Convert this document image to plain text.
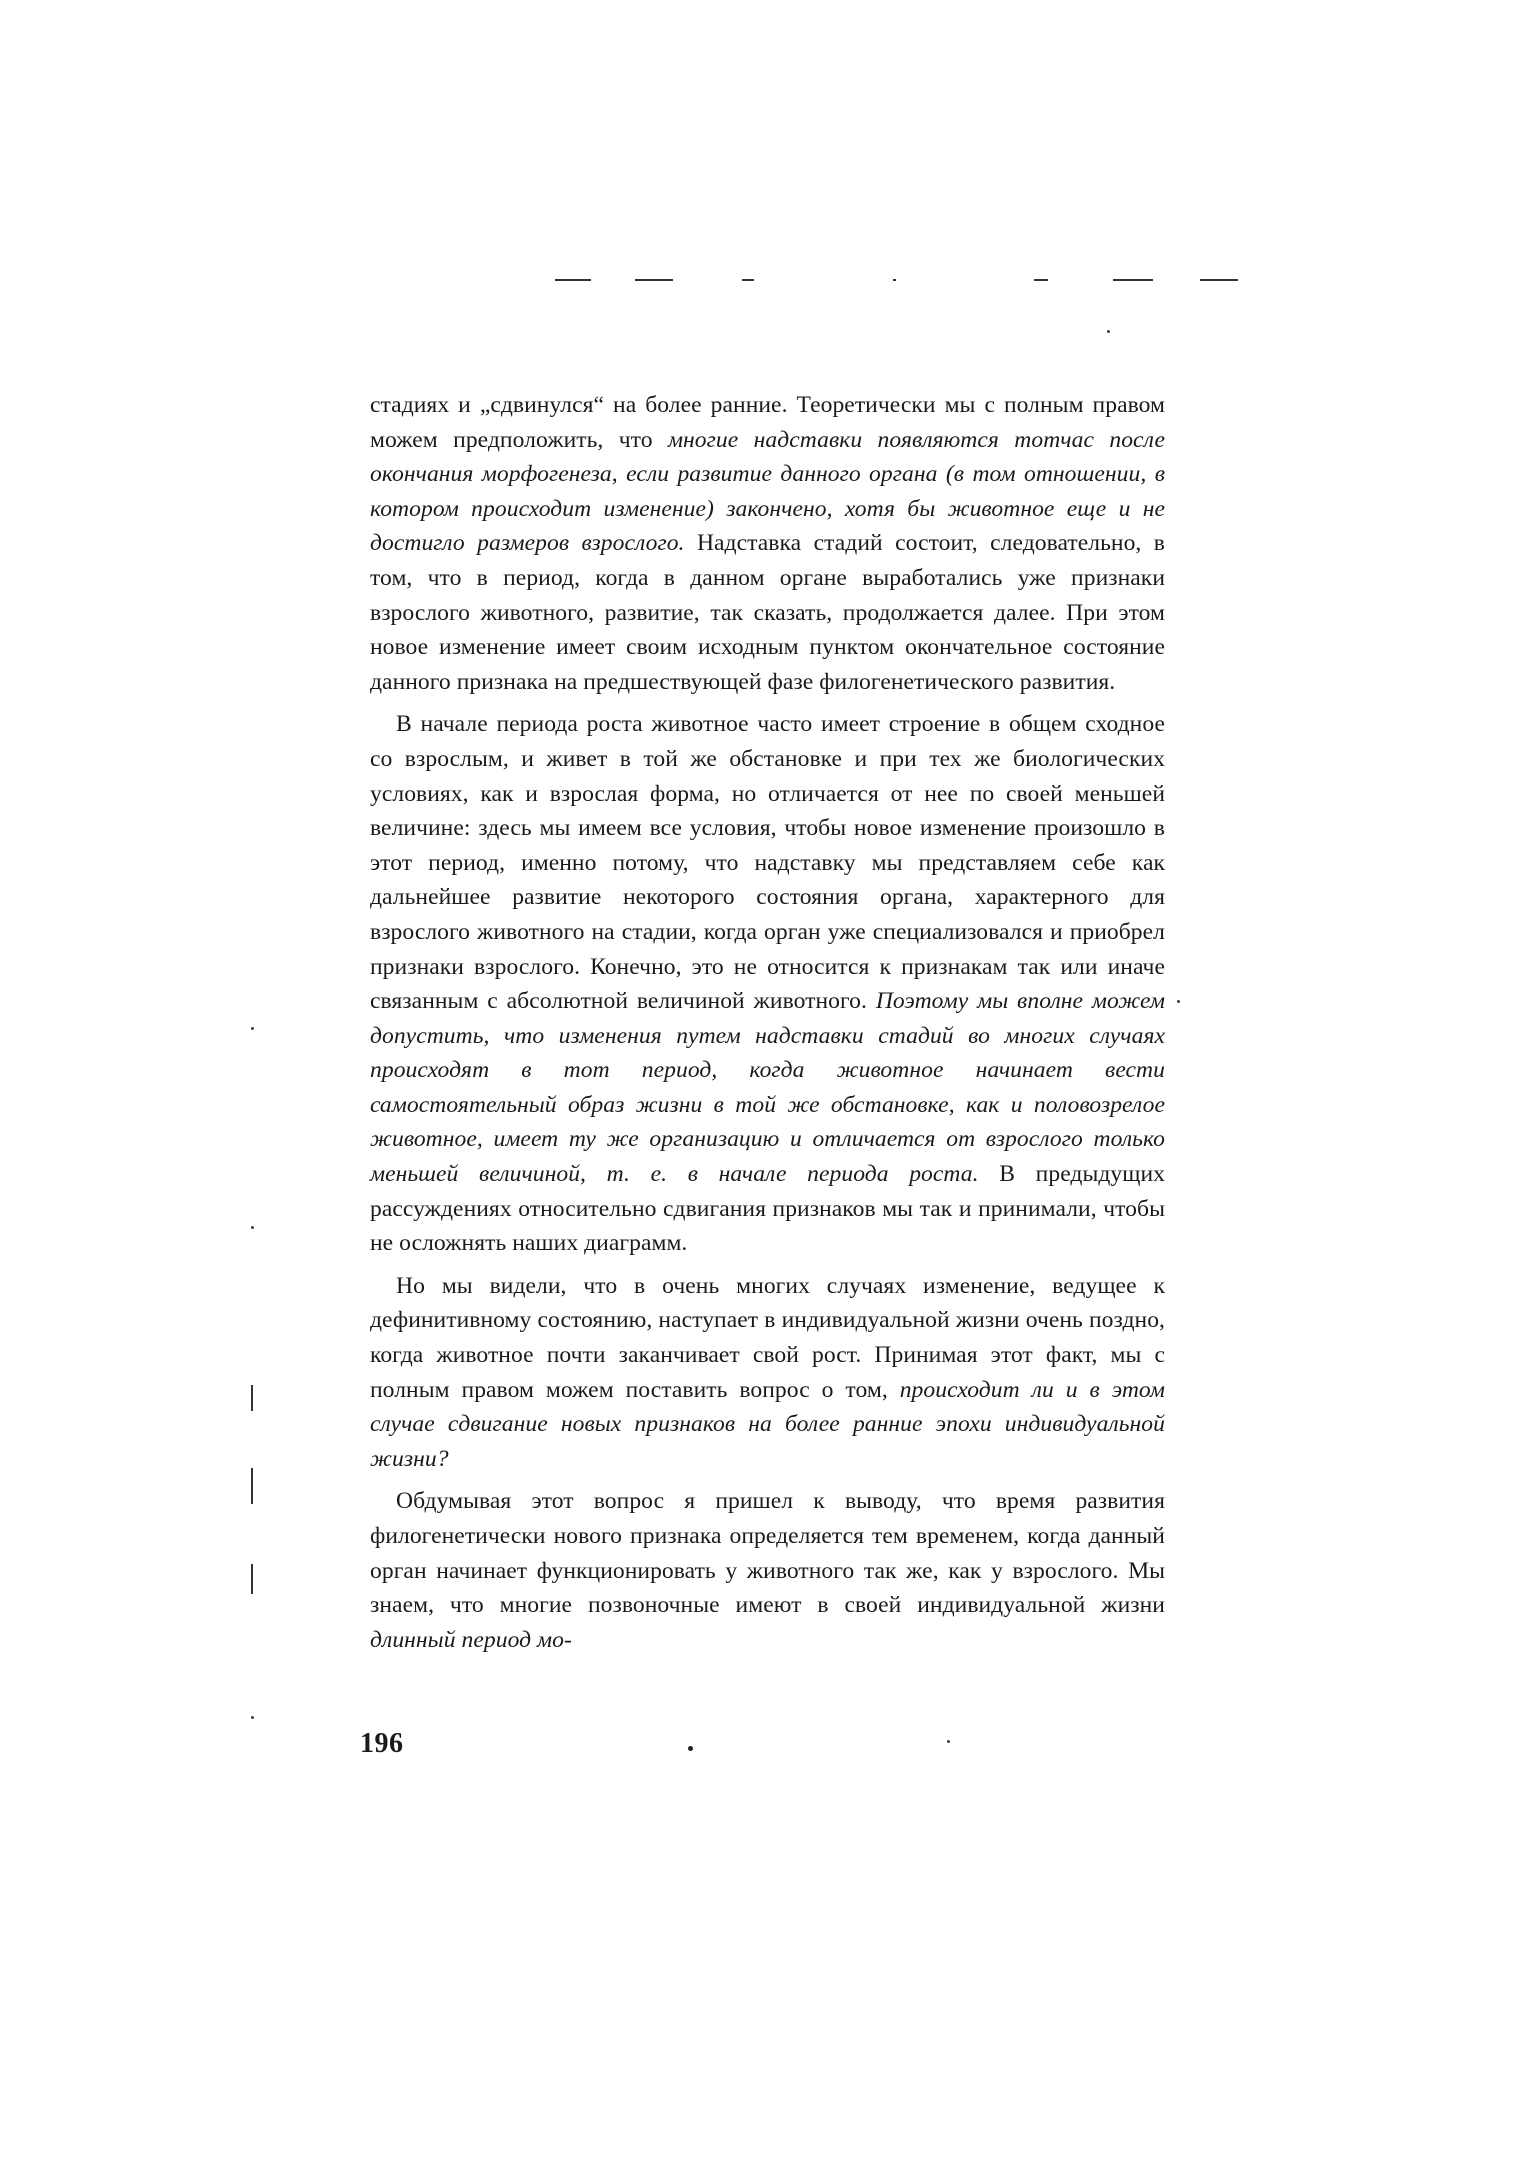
стадиях и „сдвинулся“ на более ранние. Теоретически мы с полным правом можем предположить, что многие надставки появляются тотчас после окончания морфогенеза, если развитие данного органа (в том отношении, в котором происходит изменение) закончено, хотя бы животное еще и не достигло размеров взрослого. Надставка стадий состоит, следовательно, в том, что в период, когда в данном органе выработались уже признаки взрослого животного, развитие, так сказать, продолжается далее. При этом новое изменение имеет своим исходным пунктом окончательное состояние данного признака на предшествующей фазе филогенетического развития.

В начале периода роста животное часто имеет строение в общем сходное со взрослым, и живет в той же обстановке и при тех же биологических условиях, как и взрослая форма, но отличается от нее по своей меньшей величине: здесь мы имеем все условия, чтобы новое изменение произошло в этот период, именно потому, что надставку мы представляем себе как дальнейшее развитие некоторого состояния органа, характерного для взрослого животного на стадии, когда орган уже специализовался и приобрел признаки взрослого. Конечно, это не относится к признакам так или иначе связанным с абсолютной величиной животного. Поэтому мы вполне можем допустить, что изменения путем надставки стадий во многих случаях происходят в тот период, когда животное начинает вести самостоятельный образ жизни в той же обстановке, как и половозрелое животное, имеет ту же организацию и отличается от взрослого только меньшей величиной, т. е. в начале периода роста. В предыдущих рассуждениях относительно сдвигания признаков мы так и принимали, чтобы не осложнять наших диаграмм.

Но мы видели, что в очень многих случаях изменение, ведущее к дефинитивному состоянию, наступает в индивидуальной жизни очень поздно, когда животное почти заканчивает свой рост. Принимая этот факт, мы с полным правом можем поставить вопрос о том, происходит ли и в этом случае сдвигание новых признаков на более ранние эпохи индивидуальной жизни?

Обдумывая этот вопрос я пришел к выводу, что время развития филогенетически нового признака определяется тем временем, когда данный орган начинает функционировать у животного так же, как у взрослого. Мы знаем, что многие позвоночные имеют в своей индивидуальной жизни длинный период мо-

196
